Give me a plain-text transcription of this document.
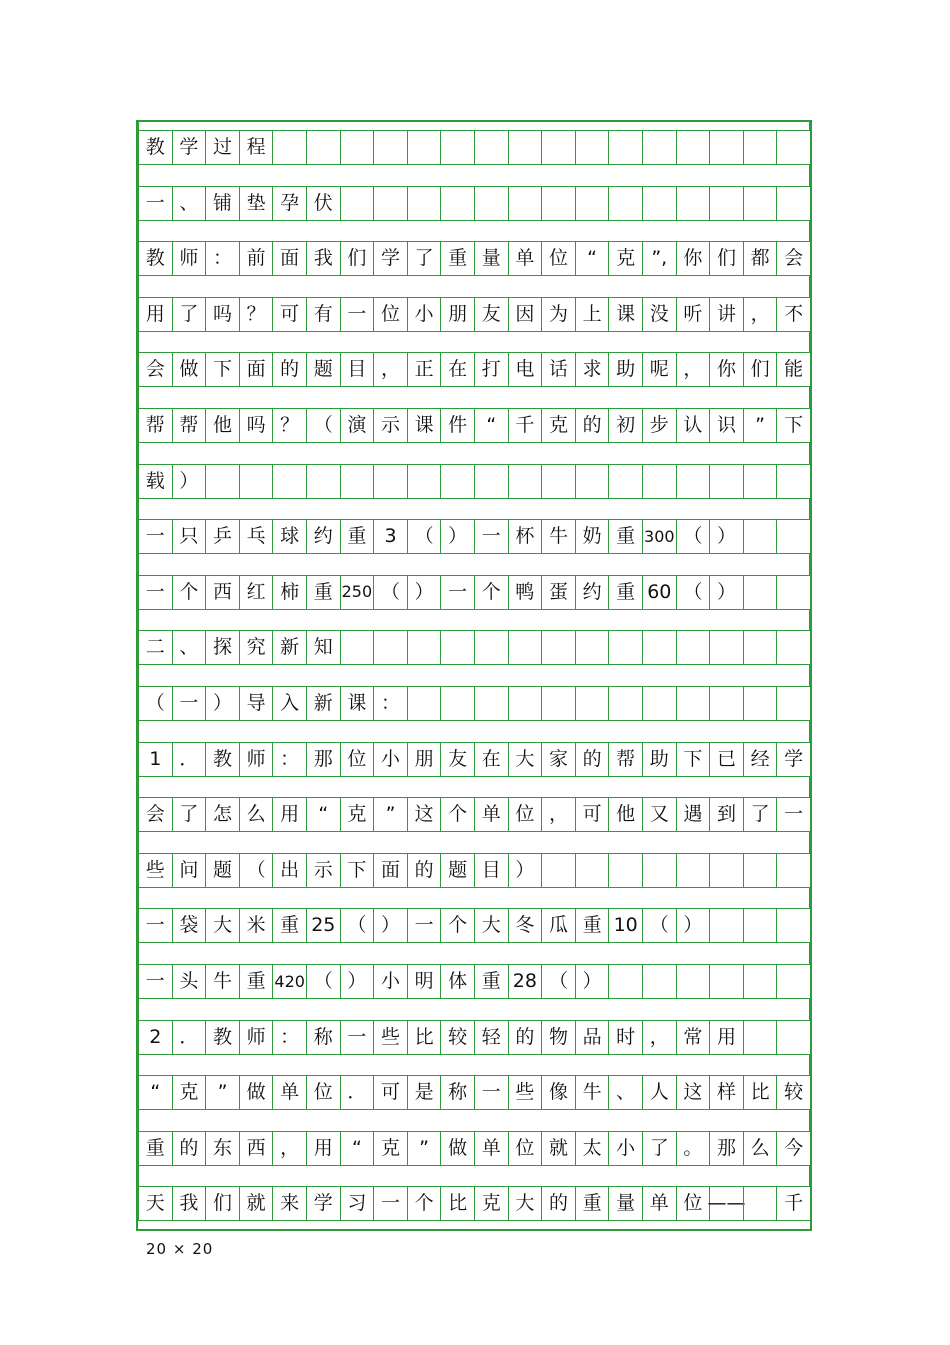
教 学 过 程
一 、 铺 垫 孕 伏
教 师 ： 前 面 我 们 学 了 重 量 单 位	“	克 ”, 你 们 都 会
用 了 吗 ？ 可 有 一 位 小 朋 友 因 为 上 课 没 听 讲 ， 不
会 做 下 面 的 题 目 ， 正 在 打 电 话 求 助 呢 ， 你 们 能
帮 帮 他 吗 ？ （ 演 示 课 件	“	千 克 的 初 步 认 识	”	下
载 ）
一 只 乒 乓 球 约 重 3 （ ） 一 杯 牛 奶 重 300 （ ）
一 个 西 红 柿 重 250 （ ） 一 个 鸭 蛋 约 重 60 （ ）
二 、 探 究 新 知
（ 一 ） 导 入 新 课 ：
1 ． 教 师 ： 那 位 小 朋 友 在 大 家 的 帮 助 下 已 经 学
会 了 怎 么 用	“	克	”	这 个 单 位 ， 可 他 又 遇 到 了 一
些 问 题 （ 出 示 下 面 的 题 目 ）
一 袋 大 米 重 25 （ ） 一 个 大 冬 瓜 重 10 （ ）
一 头 牛 重 420 （ ） 小 明 体 重 28 （ ）
2 ． 教 师 ： 称 一 些 比 较 轻 的 物 品 时 ， 常 用
“	克	”	做 单 位 ． 可 是 称 一 些 像 牛 、 人 这 样 比 较
重 的 东 西 ， 用	“	克	”	做 单 位 就 太 小 了 。 那 么 今
天 我 们 就 来 学 习 一 个 比 克 大 的 重 量 单 位 ——	千
20 × 20
